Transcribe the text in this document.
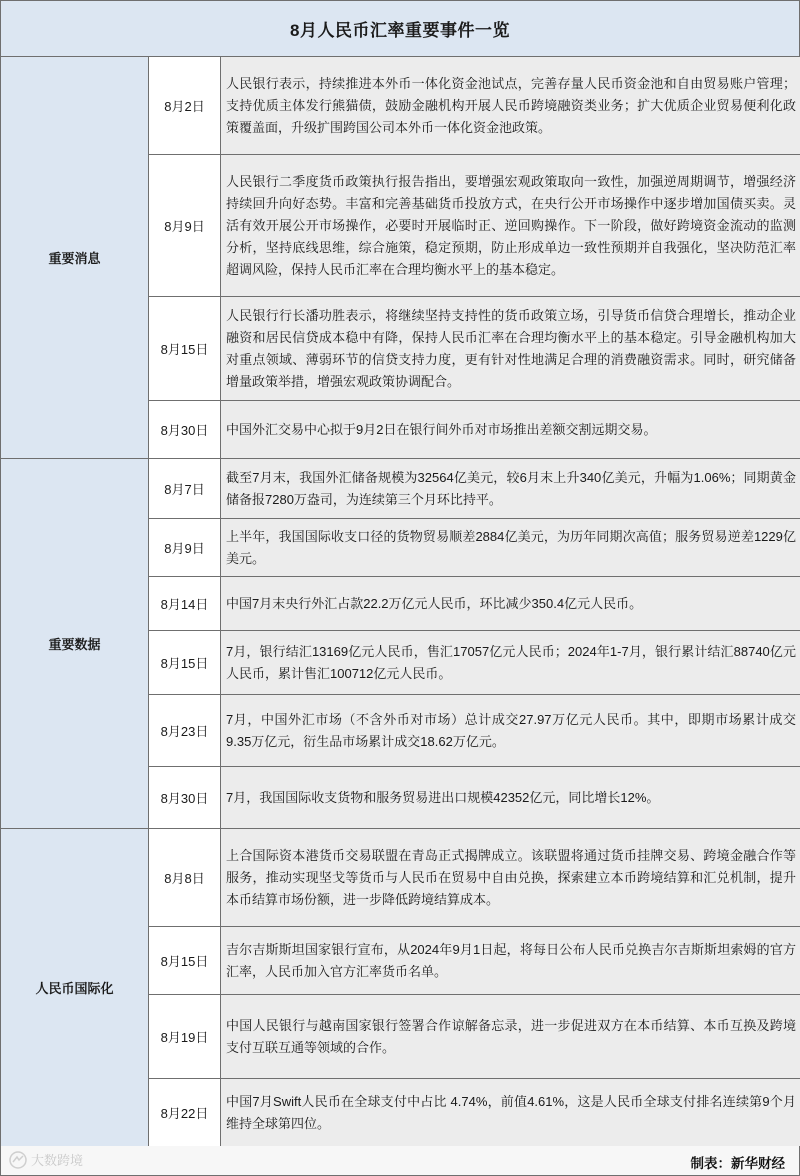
8月人民币汇率重要事件一览
重要消息	8月2日	人民银行表示，持续推进本外币一体化资金池试点，完善存量人民币资金池和自由贸易账户管理；支持优质主体发行熊猫债，鼓励金融机构开展人民币跨境融资类业务；扩大优质企业贸易便利化政策覆盖面，升级扩围跨国公司本外币一体化资金池政策。
	8月9日	人民银行二季度货币政策执行报告指出，要增强宏观政策取向一致性，加强逆周期调节，增强经济持续回升向好态势。丰富和完善基础货币投放方式，在央行公开市场操作中逐步增加国债买卖。灵活有效开展公开市场操作，必要时开展临时正、逆回购操作。下一阶段，做好跨境资金流动的监测分析，坚持底线思维，综合施策，稳定预期，防止形成单边一致性预期并自我强化，坚决防范汇率超调风险，保持人民币汇率在合理均衡水平上的基本稳定。
	8月15日	人民银行行长潘功胜表示，将继续坚持支持性的货币政策立场，引导货币信贷合理增长，推动企业融资和居民信贷成本稳中有降，保持人民币汇率在合理均衡水平上的基本稳定。引导金融机构加大对重点领域、薄弱环节的信贷支持力度，更有针对性地满足合理的消费融资需求。同时，研究储备增量政策举措，增强宏观政策协调配合。
	8月30日	中国外汇交易中心拟于9月2日在银行间外币对市场推出差额交割远期交易。
重要数据	8月7日	截至7月末，我国外汇储备规模为32564亿美元，较6月末上升340亿美元，升幅为1.06%；同期黄金储备报7280万盎司，为连续第三个月环比持平。
	8月9日	上半年，我国国际收支口径的货物贸易顺差2884亿美元，为历年同期次高值；服务贸易逆差1229亿美元。
	8月14日	中国7月末央行外汇占款22.2万亿元人民币，环比减少350.4亿元人民币。
	8月15日	7月，银行结汇13169亿元人民币，售汇17057亿元人民币；2024年1-7月，银行累计结汇88740亿元人民币，累计售汇100712亿元人民币。
	8月23日	7月，中国外汇市场（不含外币对市场）总计成交27.97万亿元人民币。其中，即期市场累计成交9.35万亿元，衍生品市场累计成交18.62万亿元。
	8月30日	7月，我国国际收支货物和服务贸易进出口规模42352亿元，同比增长12%。
人民币国际化	8月8日	上合国际资本港货币交易联盟在青岛正式揭牌成立。该联盟将通过货币挂牌交易、跨境金融合作等服务，推动实现坚戈等货币与人民币在贸易中自由兑换，探索建立本币跨境结算和汇兑机制，提升本币结算市场份额，进一步降低跨境结算成本。
	8月15日	吉尔吉斯斯坦国家银行宣布，从2024年9月1日起，将每日公布人民币兑换吉尔吉斯斯坦索姆的官方汇率，人民币加入官方汇率货币名单。
	8月19日	中国人民银行与越南国家银行签署合作谅解备忘录，进一步促进双方在本币结算、本币互换及跨境支付互联互通等领域的合作。
	8月22日	中国7月Swift人民币在全球支付中占比 4.74%，前值4.61%，这是人民币全球支付排名连续第9个月维持全球第四位。
大数跨境	制表：新华财经
